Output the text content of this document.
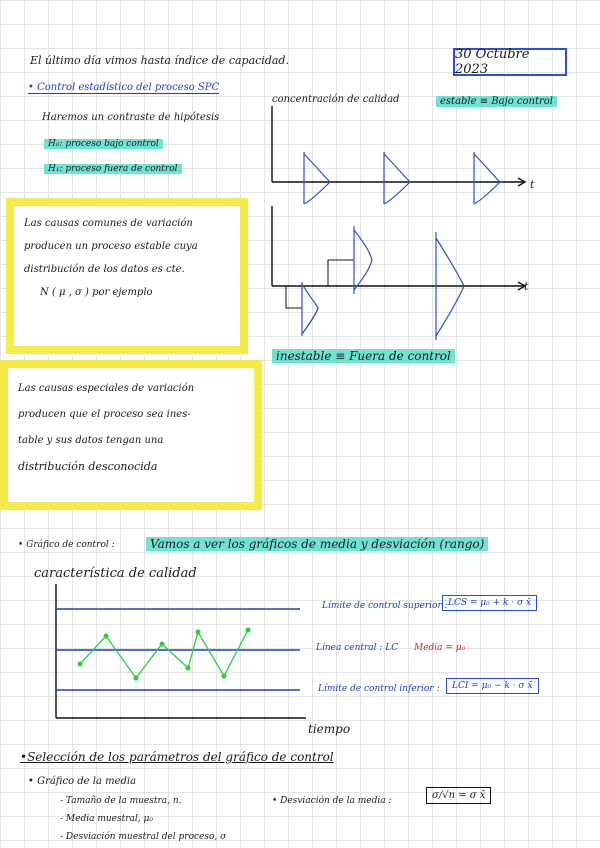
El último día vimos hasta índice de capacidad.	30 Octubre 2023
• Control estadístico del proceso SPC
Haremos un contraste de hipótesis
H₀: proceso bajo control
H₁: proceso fuera de control
concentración de calidad	estable ≡ Bajo control
inestable ≡ Fuera de control
t
t
Las causas comunes de variación
producen un proceso estable cuya
distribución de los datos es cte.
N ( μ , σ ) por ejemplo
Las causas especiales de variación
producen que el proceso sea ines-
table y sus datos tengan una
distribución desconocida
• Gráfico de control :	Vamos a ver los gráficos de media y desviación (rango)
característica de calidad
tiempo
Límite de control superior : LCS = μ₀ + k · σ x̄
Línea central : LC Media = μ₀
Límite de control inferior :	LCI = μ₀ − k · σ x̄
•Selección de los parámetros del gráfico de control
• Gráfico de la media
- Tamaño de la muestra, n.
- Media muestral, μ₀
- Desviación muestral del proceso, σ
• Desviación de la media :	σ/√n = σ x̄
